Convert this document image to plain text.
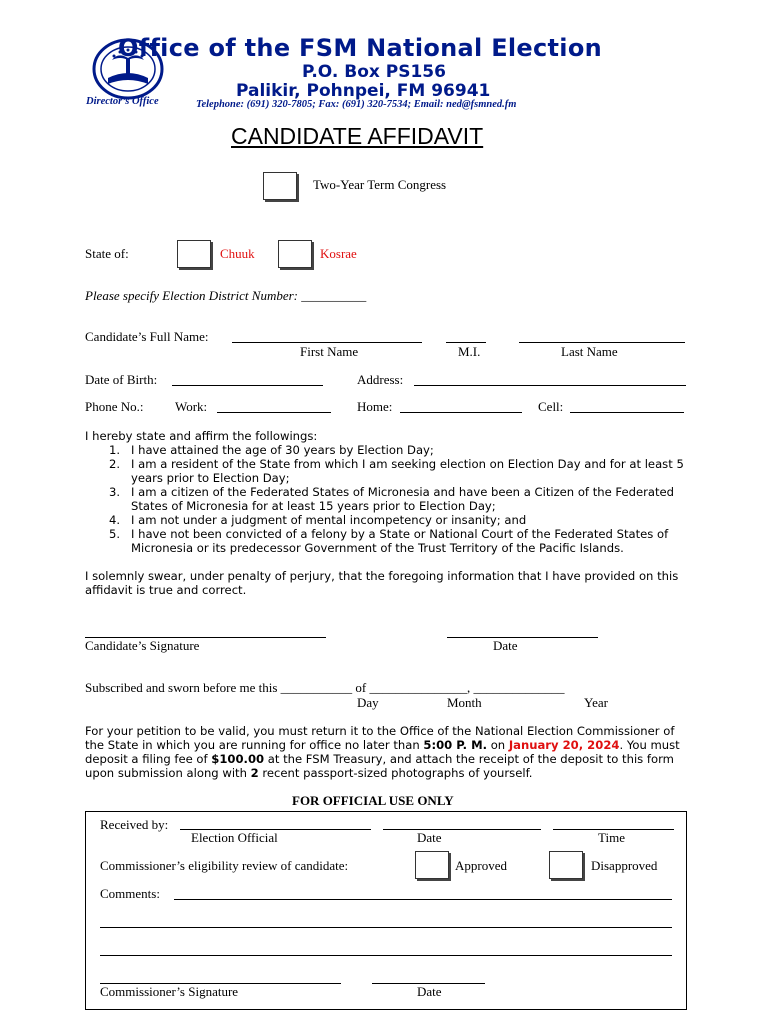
Office of the FSM National Election
P.O. Box PS156
Palikir, Pohnpei, FM 96941
Director’s Office	Telephone: (691) 320-7805; Fax: (691) 320-7534; Email: ned@fsmned.fm
CANDIDATE AFFIDAVIT
Two-Year Term Congress
State of:	Chuuk	Kosrae
Please specify Election District Number: __________
Candidate’s Full Name:
First Name	M.I.	Last Name
Date of Birth:	Address:
Phone No.: Work:	Home:	Cell:
I hereby state and affirm the followings:
1. I have attained the age of 30 years by Election Day;
2. I am a resident of the State from which I am seeking election on Election Day and for at least 5 years prior to Election Day;
3. I am a citizen of the Federated States of Micronesia and have been a Citizen of the Federated States of Micronesia for at least 15 years prior to Election Day;
4. I am not under a judgment of mental incompetency or insanity; and
5. I have not been convicted of a felony by a State or National Court of the Federated States of Micronesia or its predecessor Government of the Trust Territory of the Pacific Islands.
I solemnly swear, under penalty of perjury, that the foregoing information that I have provided on this affidavit is true and correct.
Candidate’s Signature	Date
Subscribed and sworn before me this ___________ of _______________, ______________
Day	Month	Year
For your petition to be valid, you must return it to the Office of the National Election Commissioner of the State in which you are running for office no later than 5:00 P. M. on January 20, 2024. You must deposit a filing fee of $100.00 at the FSM Treasury, and attach the receipt of the deposit to this form upon submission along with 2 recent passport-sized photographs of yourself.
FOR OFFICIAL USE ONLY
Received by:
Election Official	Date	Time
Commissioner’s eligibility review of candidate:	Approved	Disapproved
Comments:
Commissioner’s Signature	Date
